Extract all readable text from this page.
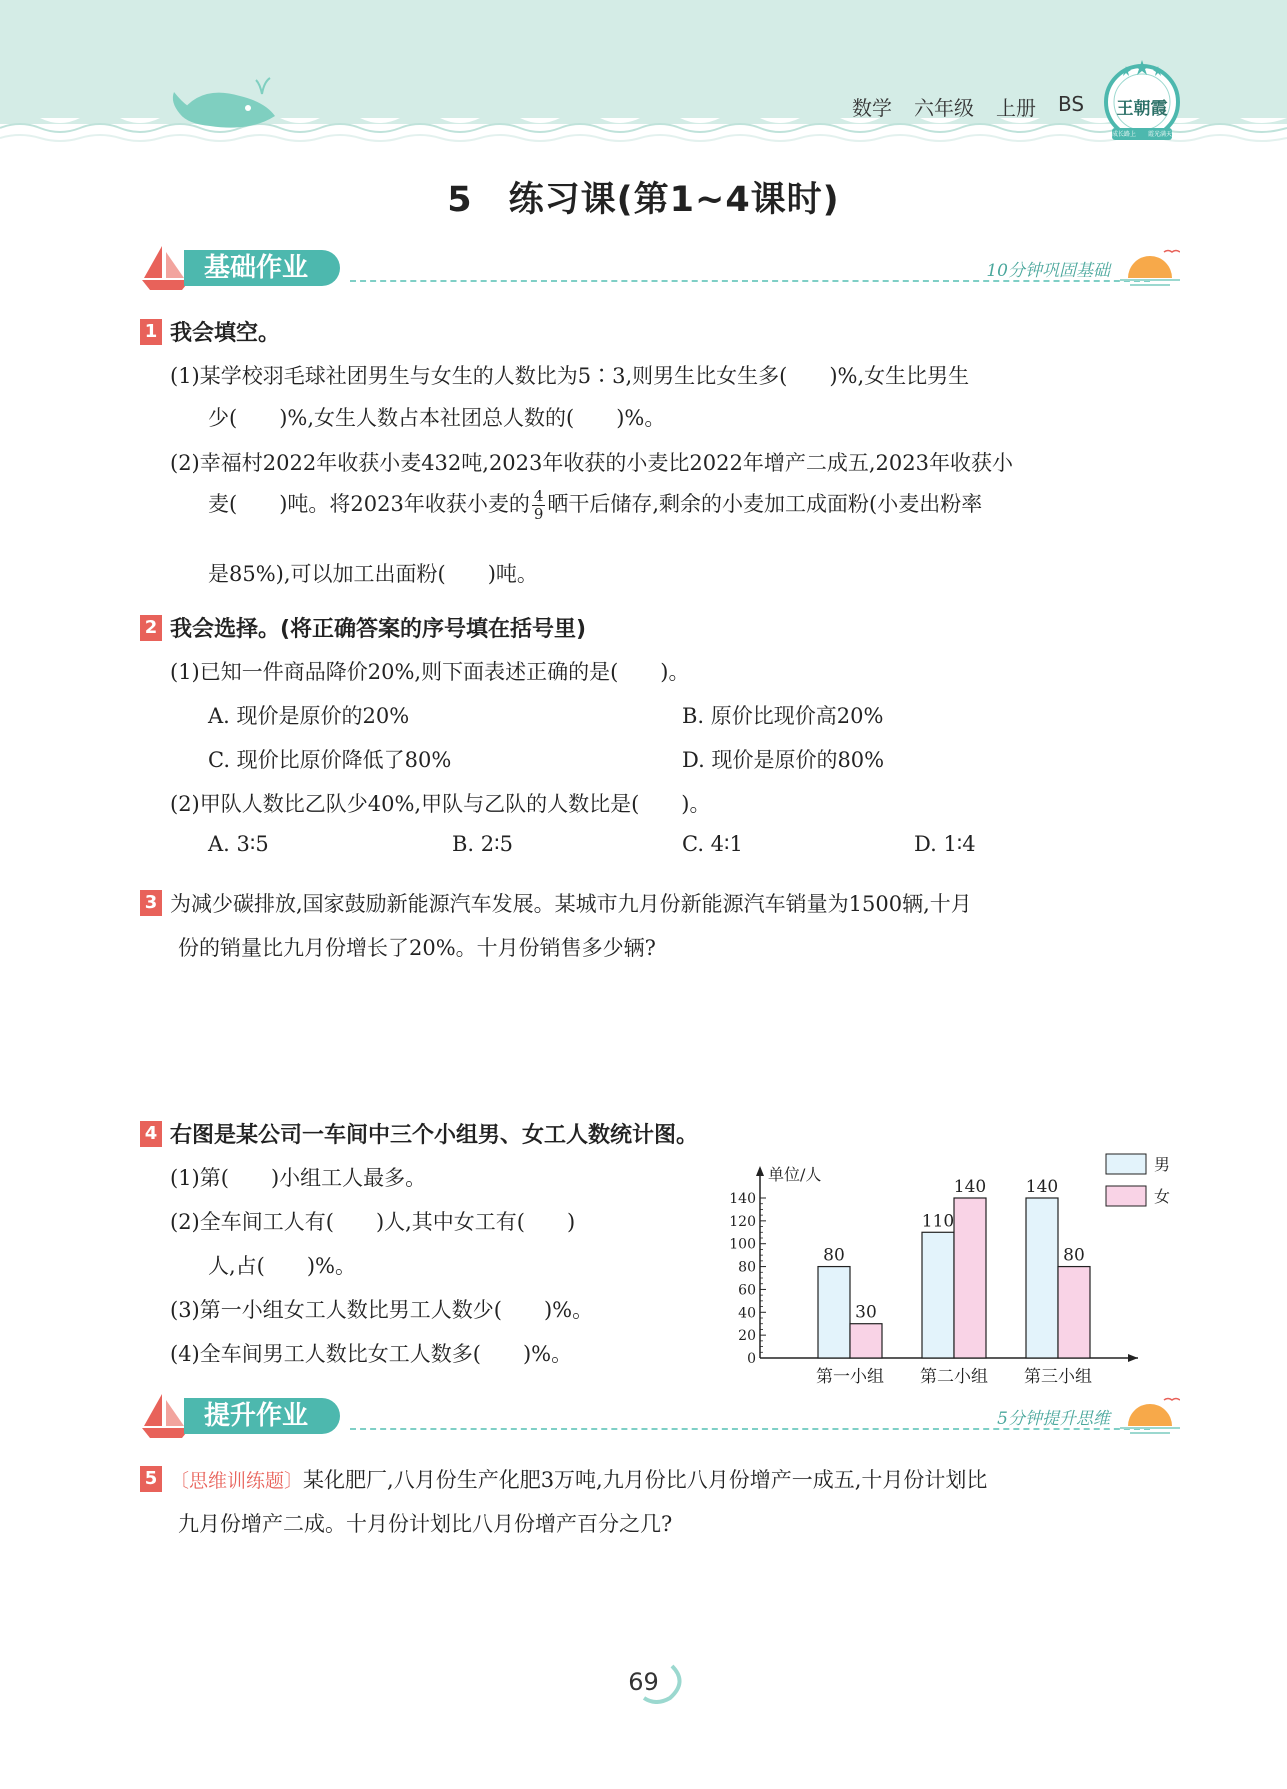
数学 六年级 上册 BS 王朝霞
成长路上 霞光满天
5　练习课(第1~4课时)
基础作业	10分钟巩固基础
1 我会填空。
(1)某学校羽毛球社团男生与女生的人数比为5∶3,则男生比女生多(　　)%,女生比男生
少(　　)%,女生人数占本社团总人数的(　　)%。
(2)幸福村2022年收获小麦432吨,2023年收获的小麦比2022年增产二成五,2023年收获小
麦(　　)吨。将2023年收获小麦的 $\frac{4}{9}$ 晒干后储存,剩余的小麦加工成面粉(小麦出粉率
是85%),可以加工出面粉(　　)吨。
2 我会选择。(将正确答案的序号填在括号里)
(1)已知一件商品降价20%,则下面表述正确的是(　　)。
A. 现价是原价的20%	B. 原价比现价高20%
C. 现价比原价降低了80%	D. 现价是原价的80%
(2)甲队人数比乙队少40%,甲队与乙队的人数比是(　　)。
A. 3∶5	B. 2∶5	C. 4∶1	D. 1∶4
3 为减少碳排放,国家鼓励新能源汽车发展。某城市九月份新能源汽车销量为1500辆,十月
份的销量比九月份增长了20%。十月份销售多少辆?
4 右图是某公司一车间中三个小组男、女工人数统计图。
(1)第(　　)小组工人最多。
(2)全车间工人有(　　)人,其中女工有(　　)
人,占(　　)%。
(3)第一小组女工人数比男工人数少(　　)%。
(4)全车间男工人数比女工人数多(　　)%。
单位/人
0
20
40
60
80
100
120
140
80
30
第一小组
110
140
第二小组
140
80
第三小组
男
女
提升作业	5分钟提升思维
5 〔思维训练题〕 某化肥厂,八月份生产化肥3万吨,九月份比八月份增产一成五,十月份计划比
九月份增产二成。十月份计划比八月份增产百分之几?
69
